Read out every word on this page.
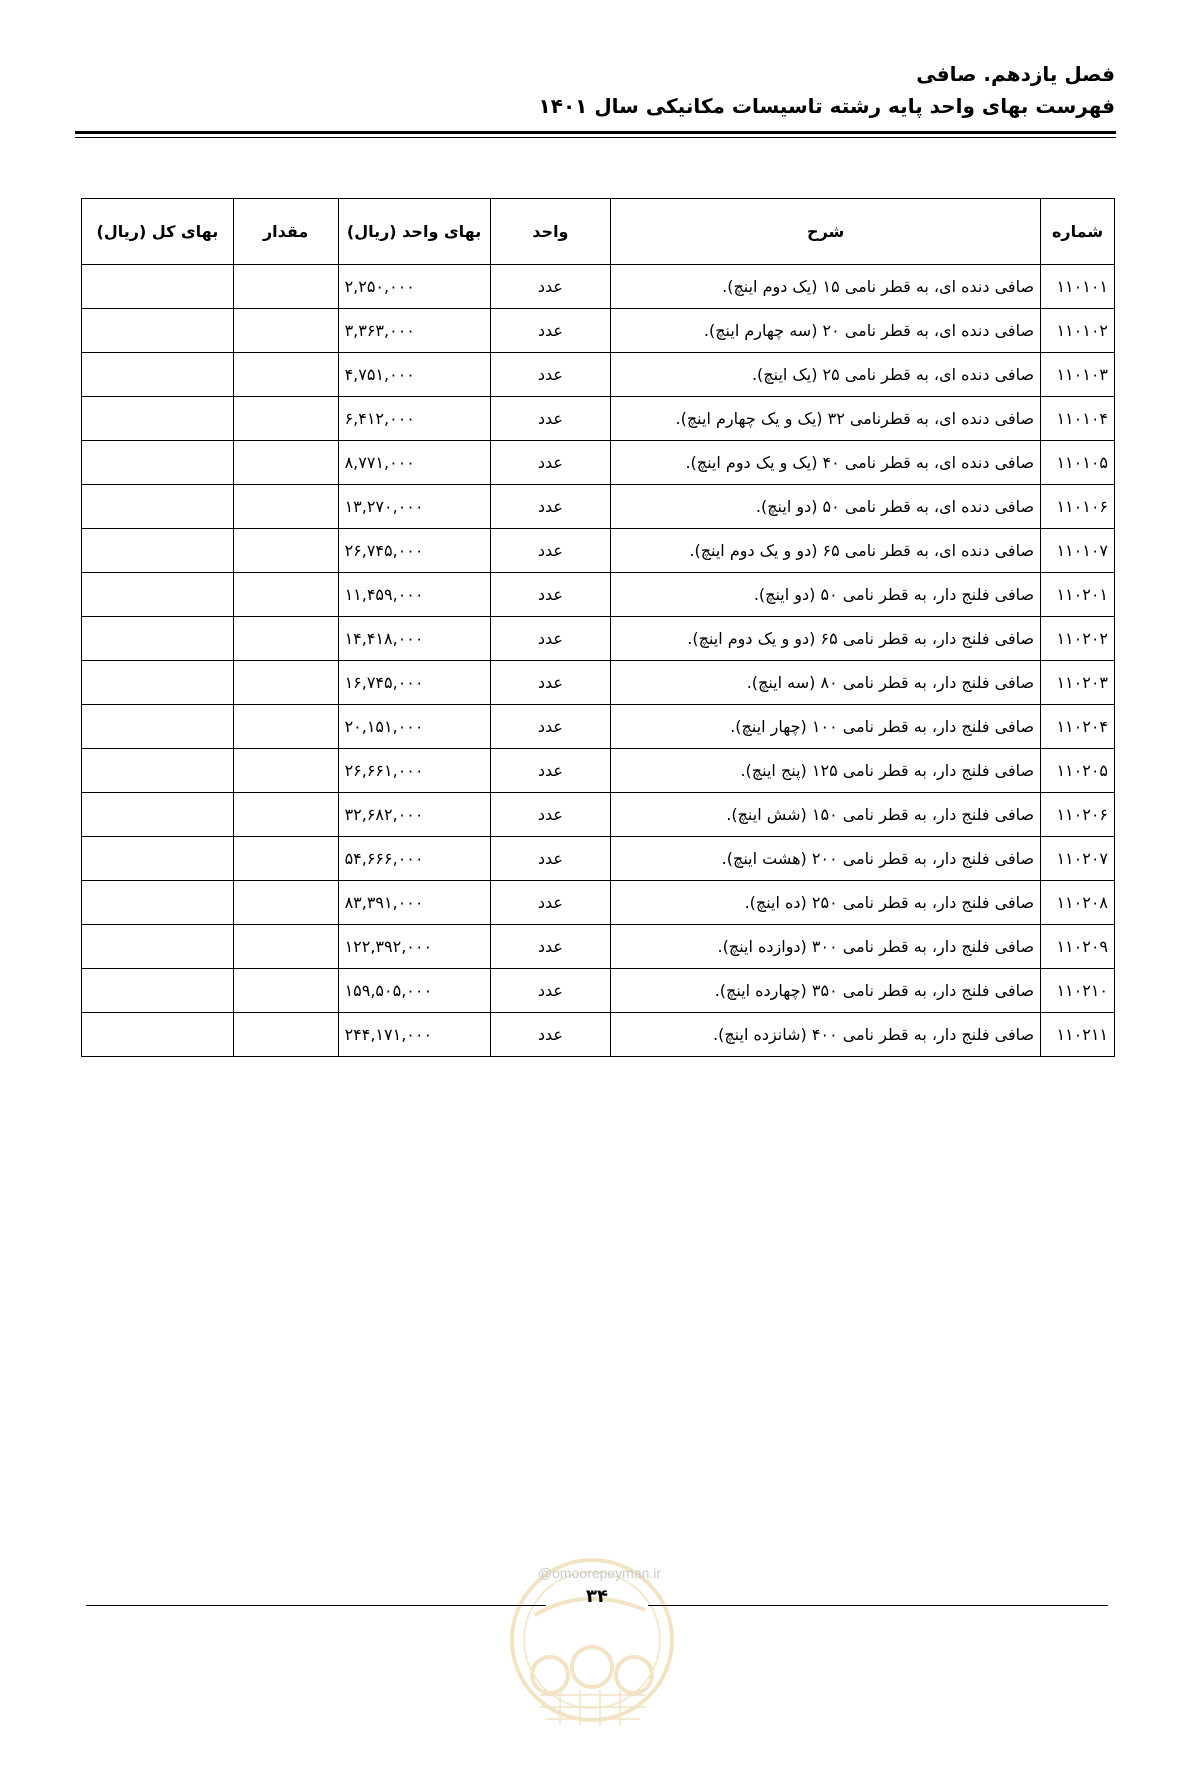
فصل یازدهم. صافی
فهرست بهای واحد پایه رشته تاسیسات مکانیکی سال ۱۴۰۱
شماره	شرح	واحد	بهای واحد (ریال)	مقدار	بهای کل (ریال)
۱۱۰۱۰۱	صافی دنده ای، به قطر نامی ۱۵ (یک دوم اینچ).	عدد	۲,۲۵۰,۰۰۰		
۱۱۰۱۰۲	صافی دنده ای، به قطر نامی ۲۰ (سه چهارم اینچ).	عدد	۳,۳۶۳,۰۰۰		
۱۱۰۱۰۳	صافی دنده ای، به قطر نامی ۲۵ (یک اینچ).	عدد	۴,۷۵۱,۰۰۰		
۱۱۰۱۰۴	صافی دنده ای، به قطرنامی ۳۲ (یک و یک چهارم اینچ).	عدد	۶,۴۱۲,۰۰۰		
۱۱۰۱۰۵	صافی دنده ای، به قطر نامی ۴۰ (یک و یک دوم اینچ).	عدد	۸,۷۷۱,۰۰۰		
۱۱۰۱۰۶	صافی دنده ای، به قطر نامی ۵۰ (دو اینچ).	عدد	۱۳,۲۷۰,۰۰۰		
۱۱۰۱۰۷	صافی دنده ای، به قطر نامی ۶۵ (دو و یک دوم اینچ).	عدد	۲۶,۷۴۵,۰۰۰		
۱۱۰۲۰۱	صافی فلنج دار، به قطر نامی ۵۰ (دو اینچ).	عدد	۱۱,۴۵۹,۰۰۰		
۱۱۰۲۰۲	صافی فلنج دار، به قطر نامی ۶۵ (دو و یک دوم اینچ).	عدد	۱۴,۴۱۸,۰۰۰		
۱۱۰۲۰۳	صافی فلنج دار، به قطر نامی ۸۰ (سه اینچ).	عدد	۱۶,۷۴۵,۰۰۰		
۱۱۰۲۰۴	صافی فلنج دار، به قطر نامی ۱۰۰ (چهار اینچ).	عدد	۲۰,۱۵۱,۰۰۰		
۱۱۰۲۰۵	صافی فلنج دار، به قطر نامی ۱۲۵ (پنج اینچ).	عدد	۲۶,۶۶۱,۰۰۰		
۱۱۰۲۰۶	صافی فلنج دار، به قطر نامی ۱۵۰ (شش اینچ).	عدد	۳۲,۶۸۲,۰۰۰		
۱۱۰۲۰۷	صافی فلنج دار، به قطر نامی ۲۰۰ (هشت اینچ).	عدد	۵۴,۶۶۶,۰۰۰		
۱۱۰۲۰۸	صافی فلنج دار، به قطر نامی ۲۵۰ (ده اینچ).	عدد	۸۳,۳۹۱,۰۰۰		
۱۱۰۲۰۹	صافی فلنج دار، به قطر نامی ۳۰۰ (دوازده اینچ).	عدد	۱۲۲,۳۹۲,۰۰۰		
۱۱۰۲۱۰	صافی فلنج دار، به قطر نامی ۳۵۰ (چهارده اینچ).	عدد	۱۵۹,۵۰۵,۰۰۰		
۱۱۰۲۱۱	صافی فلنج دار، به قطر نامی ۴۰۰ (شانزده اینچ).	عدد	۲۴۴,۱۷۱,۰۰۰		
@omoorepeyman.ir
۳۴
